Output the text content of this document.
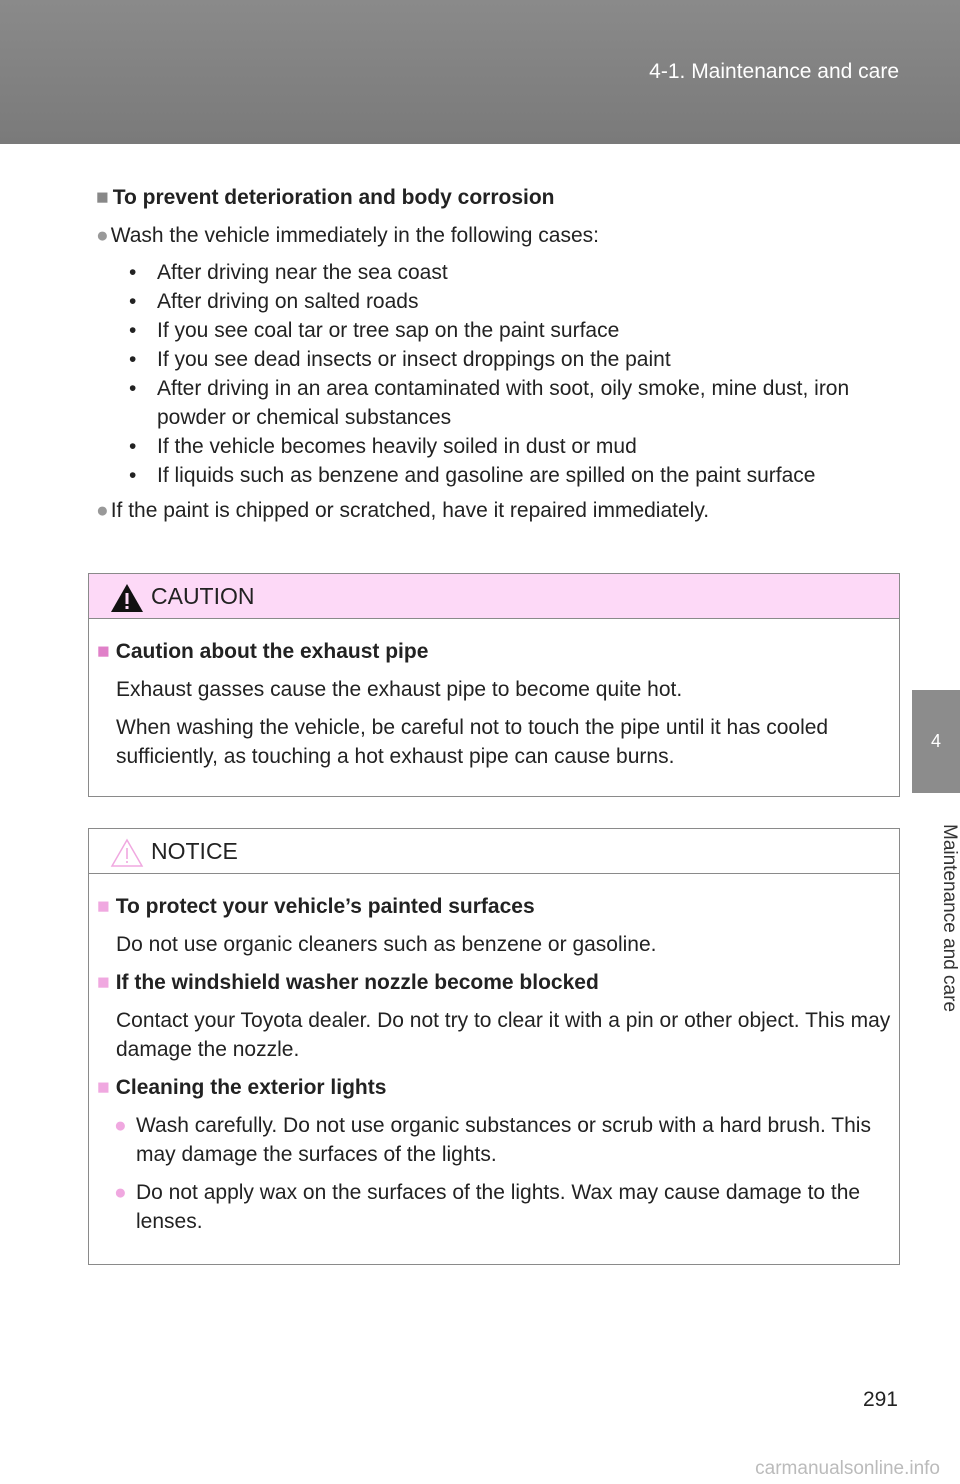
4-1. Maintenance and care
4
Maintenance and care

■ To prevent deterioration and body corrosion

●Wash the vehicle immediately in the following cases:

• After driving near the sea coast
• After driving on salted roads
• If you see coal tar or tree sap on the paint surface
• If you see dead insects or insect droppings on the paint
• After driving in an area contaminated with soot, oily smoke, mine dust, iron powder or chemical substances
• If the vehicle becomes heavily soiled in dust or mud
• If liquids such as benzene and gasoline are spilled on the paint surface

●If the paint is chipped or scratched, have it repaired immediately.

CAUTION

■ Caution about the exhaust pipe

Exhaust gasses cause the exhaust pipe to become quite hot.

When washing the vehicle, be careful not to touch the pipe until it has cooled sufficiently, as touching a hot exhaust pipe can cause burns.

NOTICE

■ To protect your vehicle’s painted surfaces

Do not use organic cleaners such as benzene or gasoline.

■ If the windshield washer nozzle become blocked

Contact your Toyota dealer. Do not try to clear it with a pin or other object. This may damage the nozzle.

■ Cleaning the exterior lights

● Wash carefully. Do not use organic substances or scrub with a hard brush. This may damage the surfaces of the lights.
● Do not apply wax on the surfaces of the lights. Wax may cause damage to the lenses.
291
carmanualsonline.info
